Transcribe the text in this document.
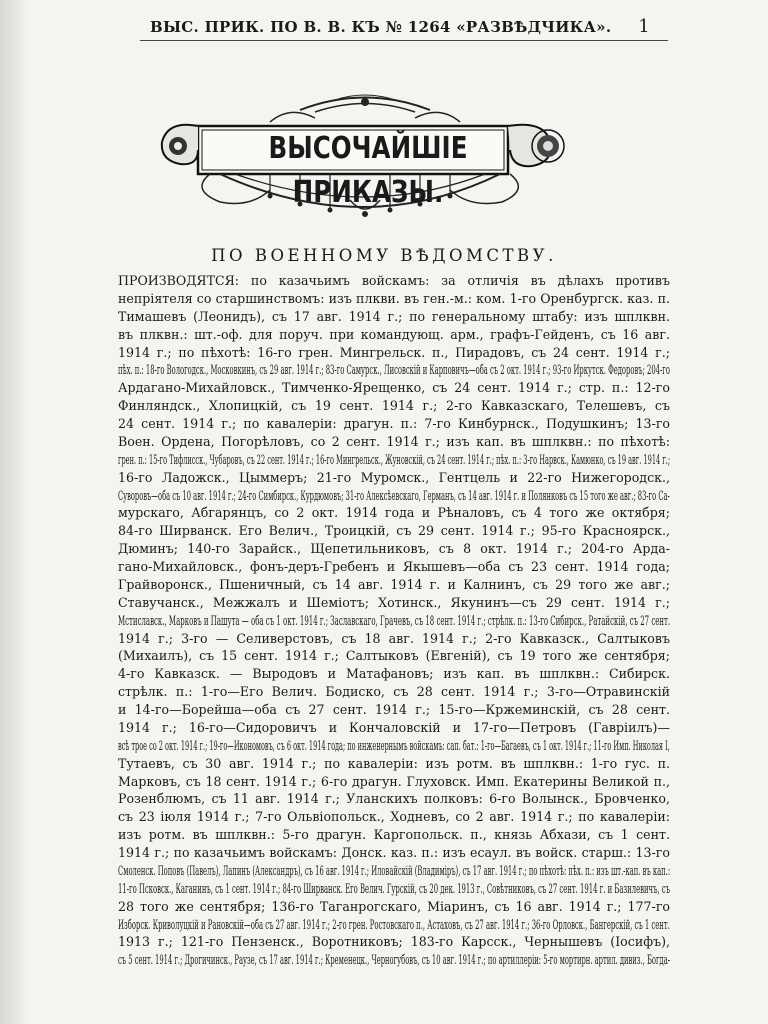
ВЫС. ПРИК. ПО В. В. КЪ № 1264 «РАЗВѢДЧИКА». 1
ВЫСОЧАЙШІЕ ПРИКАЗЫ.
ПО ВОЕННОМУ ВѢДОМСТВУ.
ПРОИЗВОДЯТСЯ: по казачьимъ войскамъ: за отличія въ дѣлахъ противъ
непріятеля со старшинствомъ: изъ плкви. въ ген.-м.: ком. 1-го Оренбургск. каз. п.
Тимашевъ (Леонидъ), съ 17 авг. 1914 г.; по генеральному штабу: изъ шплквн.
въ плквн.: шт.-оф. для поруч. при командующ. арм., графъ-Гейденъ, съ 16 авг.
1914 г.; по пѣхотѣ: 16-го грен. Мингрельск. п., Пирадовъ, съ 24 сент. 1914 г.;
пѣх. п.: 18-го Вологодск., Московкинъ, съ 29 авг. 1914 г.; 83-го Самурск., Лисовскій и Карповичъ—оба съ 2 окт. 1914 г.; 93-го Иркутск. Федоровъ; 204-го
Ардагано-Михайловск., Тимченко-Ярещенко, съ 24 сент. 1914 г.; стр. п.: 12-го
Финляндск., Хлопицкій, съ 19 сент. 1914 г.; 2-го Кавказскаго, Телешевъ, съ
24 сент. 1914 г.; по кавалеріи: драгун. п.: 7-го Кинбурнск., Подушкинъ; 13-го
Воен. Ордена, Погорѣловъ, со 2 сент. 1914 г.; изъ кап. въ шплквн.: по пѣхотѣ:
грен. п.: 15-го Тифлисск., Чубаровъ, съ 22 сент. 1914 г.; 16-го Мингрельск., Жуновскій, съ 24 сент. 1914 г.; пѣх. п.: 3-го Нарвск., Камюнко, съ 19 авг. 1914 г.;
16-го Ладожск., Цыммеръ; 21-го Муромск., Гентцель и 22-го Нижегородск.,
Суворовъ—оба съ 10 авг. 1914 г.; 24-го Симбирск., Курдюмовъ; 31-го Алексѣевскаго, Германъ, съ 14 авг. 1914 г. и Полянковъ съ 15 того же авг.; 83-го Са-
мурскаго, Абгарянцъ, со 2 окт. 1914 года и Рѣналовъ, съ 4 того же октября;
84-го Ширванск. Его Велич., Троицкій, съ 29 сент. 1914 г.; 95-го Красноярск.,
Дюминъ; 140-го Зарайск., Щепетильниковъ, съ 8 окт. 1914 г.; 204-го Арда-
гано-Михайловск., фонъ-деръ-Гребенъ и Якышевъ—оба съ 23 сент. 1914 года;
Грайворонск., Пшеничный, съ 14 авг. 1914 г. и Калнинъ, съ 29 того же авг.;
Ставучанск., Межжалъ и Шеміотъ; Хотинск., Якунинъ—съ 29 сент. 1914 г.;
Мстиславск., Марковъ и Пашута — оба съ 1 окт. 1914 г.; Заславскаго, Грачевъ, съ 18 сент. 1914 г.; стрѣлк. п.: 13-го Сибирск., Ратайскій, съ 27 сент.
1914 г.; 3-го — Селиверстовъ, съ 18 авг. 1914 г.; 2-го Кавказск., Салтыковъ
(Михаилъ), съ 15 сент. 1914 г.; Салтыковъ (Евгеній), съ 19 того же сентября;
4-го Кавказск. — Выродовъ и Матафановъ; изъ кап. въ шплквн.: Сибирск.
стрѣлк. п.: 1-го—Его Велич. Бодиско, съ 28 сент. 1914 г.; 3-го—Отравинскій
и 14-го—Борейша—оба съ 27 сент. 1914 г.; 15-го—Кржеминскій, съ 28 сент.
1914 г.; 16-го—Сидоровичъ и Кончаловскій и 17-го—Петровъ (Гавріилъ)—
всѣ трое со 2 окт. 1914 г.; 19-го—Икономовъ, съ 6 окт. 1914 года; по инженернымъ войскамъ: сап. бат.: 1-го—Багаевъ, съ 1 окт. 1914 г.; 11-го Имп. Николая I,
Тутаевъ, съ 30 авг. 1914 г.; по кавалеріи: изъ ротм. въ шплквн.: 1-го гус. п.
Марковъ, съ 18 сент. 1914 г.; 6-го драгун. Глуховск. Имп. Екатерины Великой п.,
Розенблюмъ, съ 11 авг. 1914 г.; Уланскихъ полковъ: 6-го Волынск., Бровченко,
съ 23 іюля 1914 г.; 7-го Ольвіопольск., Ходневъ, со 2 авг. 1914 г.; по кавалеріи:
изъ ротм. въ шплквн.: 5-го драгун. Каргопольск. п., князь Абхази, съ 1 сент.
1914 г.; по казачьимъ войскамъ: Донск. каз. п.: изъ есаул. въ войск. старш.: 13-го
Смоленск. Поповъ (Павелъ), Лапинъ (Александръ), съ 16 авг. 1914 г.; Иловайскій (Владиміръ), съ 17 авг. 1914 г.; по пѣхотѣ: пѣх. п.: изъ шт.-кап. въ кап.:
11-го Псковск., Каганинъ, съ 1 сент. 1914 г.; 84-го Ширванск. Его Велич. Гурскій, съ 20 дек. 1913 г., Совѣтниковъ, съ 27 сент. 1914 г. и Базилевичъ, съ
28 того же сентября; 136-го Таганрогскаго, Міаринъ, съ 16 авг. 1914 г.; 177-го
Изборск. Криволуцкій и Рановскій—оба съ 27 авг. 1914 г.; 2-го грен. Ростовскаго п., Астаховъ, съ 27 авг. 1914 г.; 36-го Орловск., Бангерскій, съ 1 сент.
1913 г.; 121-го Пензенск., Воротниковъ; 183-го Карсск., Чернышевъ (Іосифъ),
съ 5 сент. 1914 г.; Дрогичинск., Раузе, съ 17 авг. 1914 г.; Кременецк., Черногубовъ, съ 10 авг. 1914 г.; по артиллеріи: 5-го мортирн. артил. дивиз., Богда-
